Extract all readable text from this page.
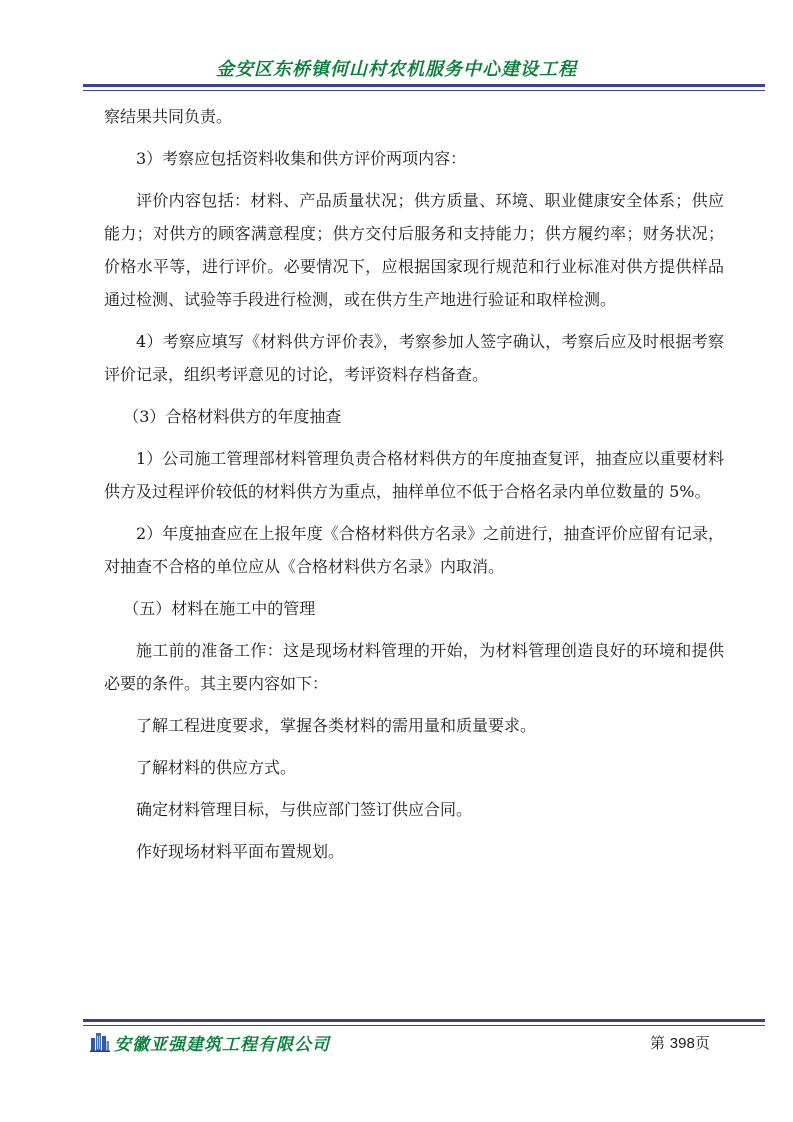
金安区东桥镇何山村农机服务中心建设工程

察结果共同负责。

3）考察应包括资料收集和供方评价两项内容：

评价内容包括：材料、产品质量状况；供方质量、环境、职业健康安全体系；供应能力；对供方的顾客满意程度；供方交付后服务和支持能力；供方履约率；财务状况；价格水平等，进行评价。必要情况下，应根据国家现行规范和行业标准对供方提供样品通过检测、试验等手段进行检测，或在供方生产地进行验证和取样检测。

4）考察应填写《材料供方评价表》，考察参加人签字确认，考察后应及时根据考察评价记录，组织考评意见的讨论，考评资料存档备查。

（3）合格材料供方的年度抽查

1）公司施工管理部材料管理负责合格材料供方的年度抽查复评，抽查应以重要材料供方及过程评价较低的材料供方为重点，抽样单位不低于合格名录内单位数量的 5%。

2）年度抽查应在上报年度《合格材料供方名录》之前进行，抽查评价应留有记录，对抽查不合格的单位应从《合格材料供方名录》内取消。

（五）材料在施工中的管理

施工前的准备工作：这是现场材料管理的开始，为材料管理创造良好的环境和提供必要的条件。其主要内容如下：

了解工程进度要求，掌握各类材料的需用量和质量要求。

了解材料的供应方式。

确定材料管理目标，与供应部门签订供应合同。

作好现场材料平面布置规划。

安徽亚强建筑工程有限公司	第 398页
